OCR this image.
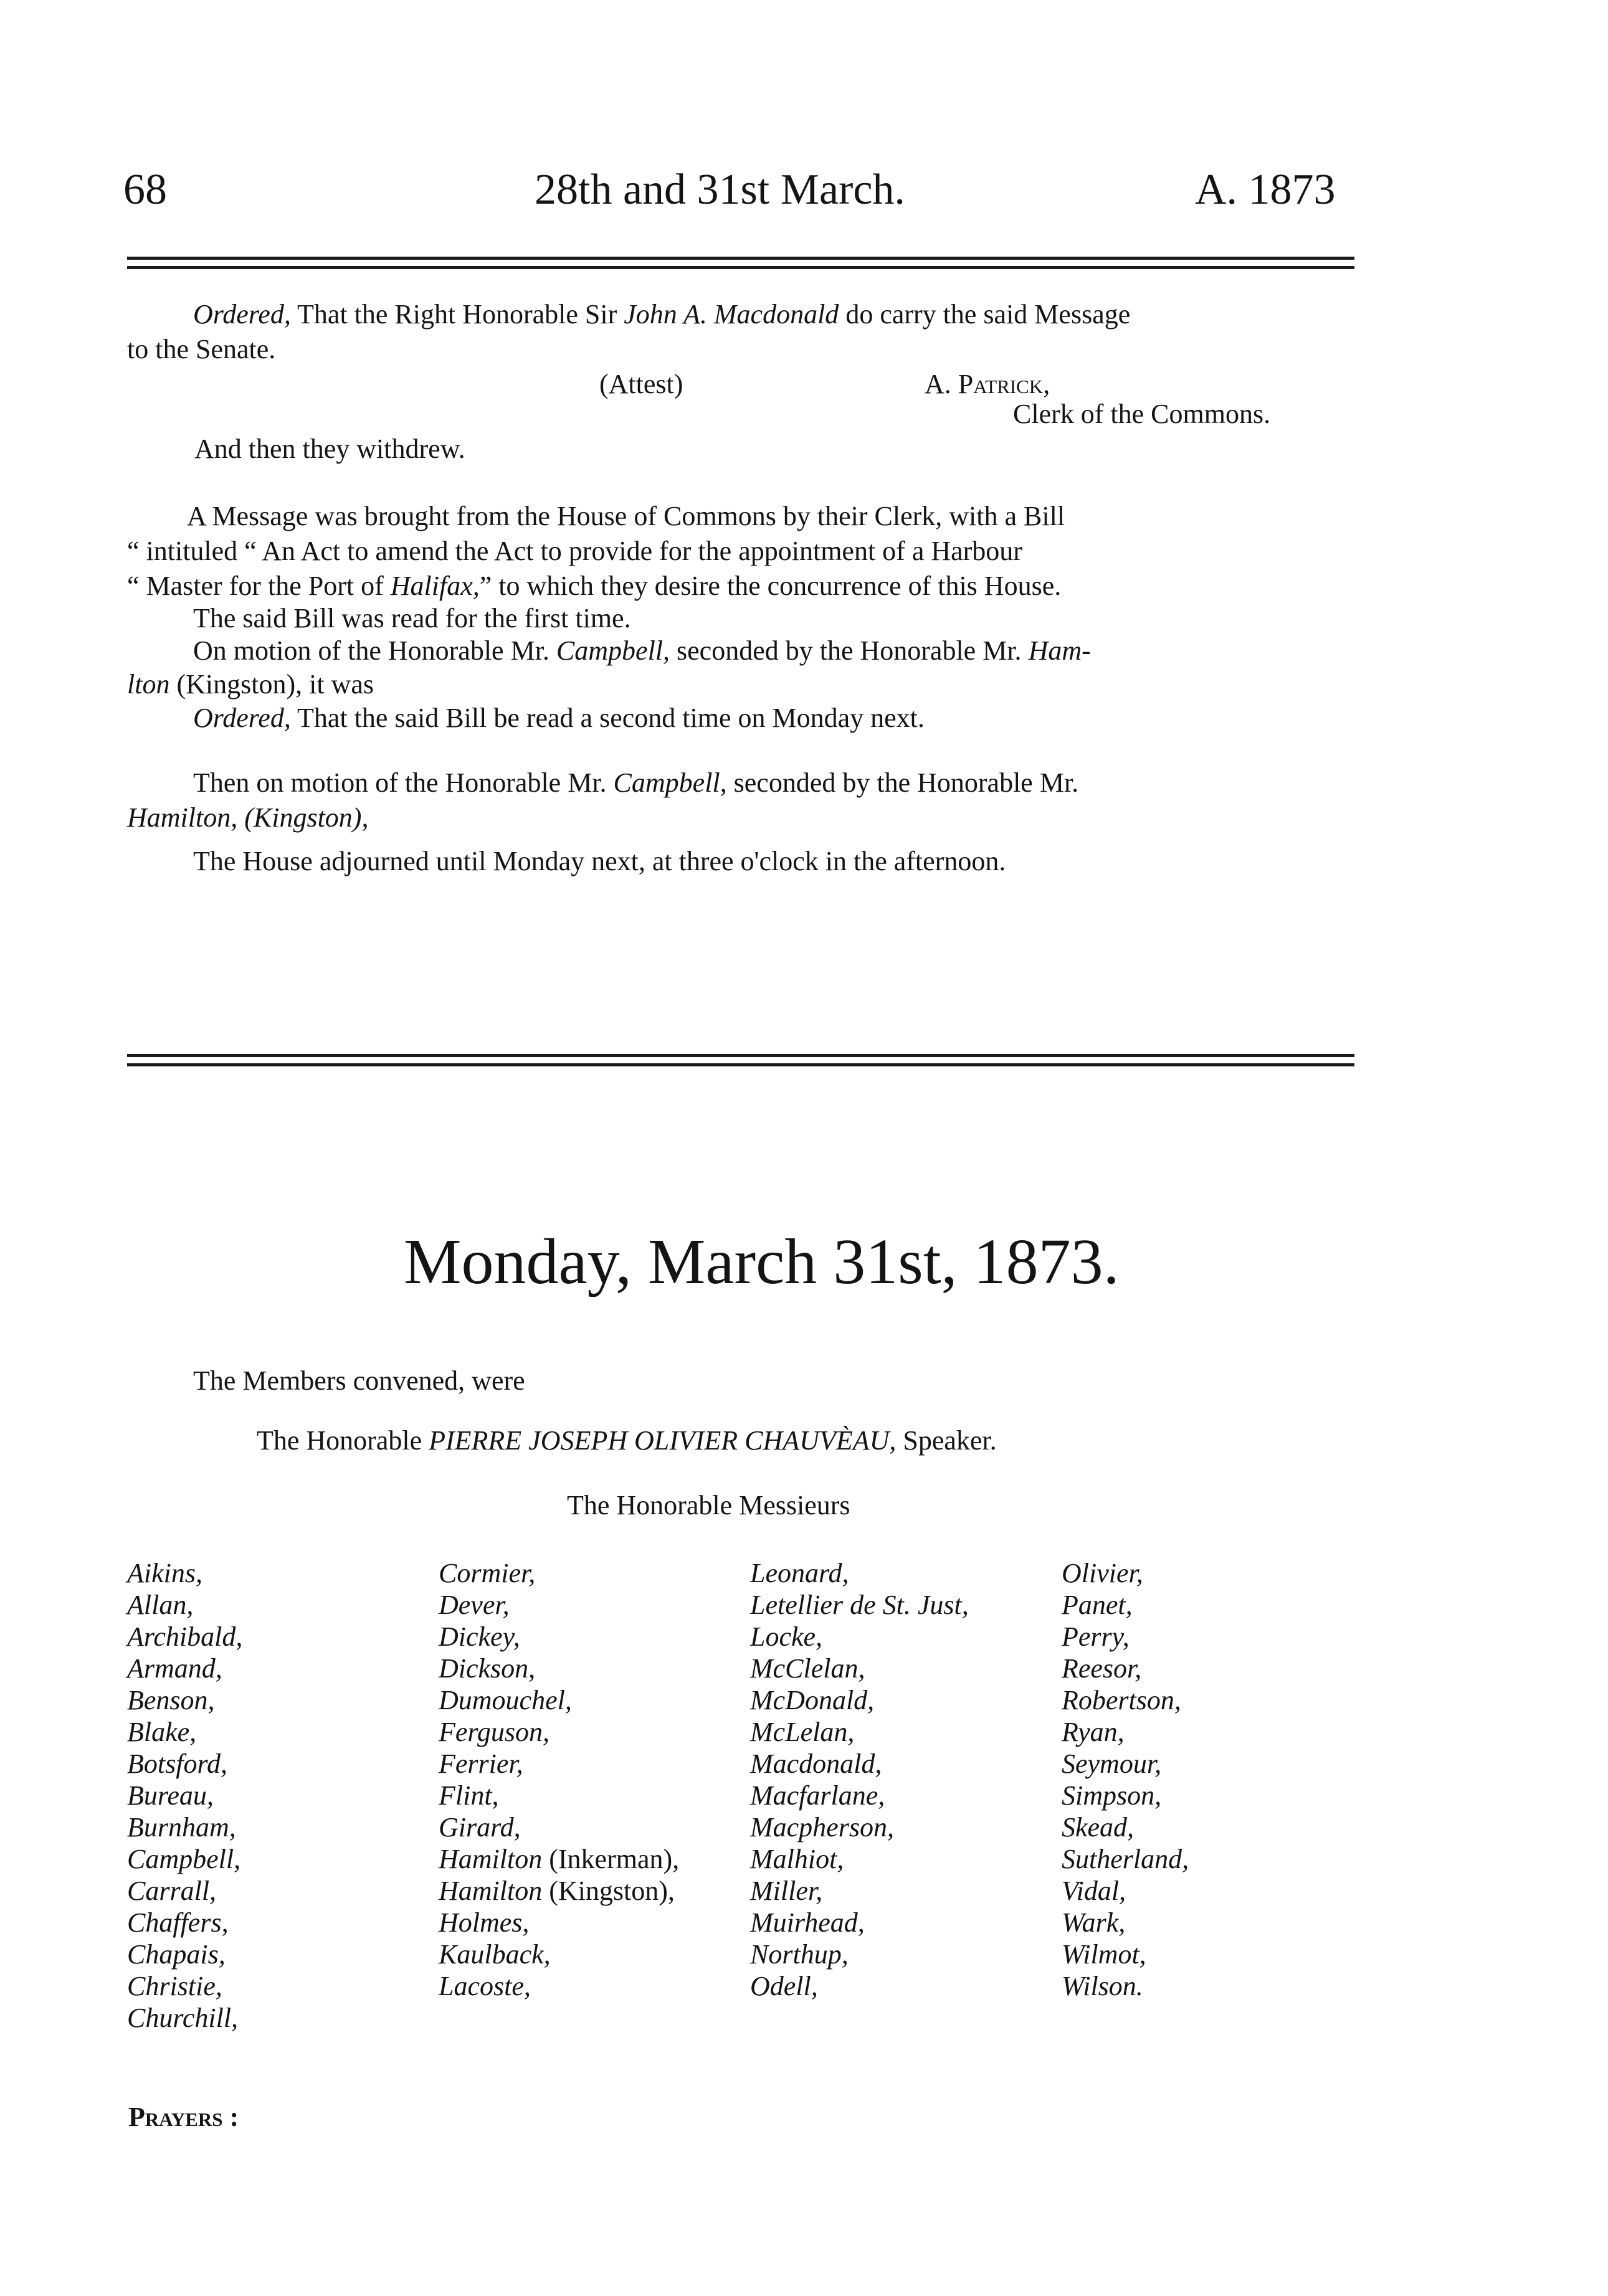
68	28th and 31st March.	A. 1873
Ordered, That the Right Honorable Sir John A. Macdonald do carry the said Message
to the Senate.
(Attest)	A. Patrick,
Clerk of the Commons.
And then they withdrew.
A Message was brought from the House of Commons by their Clerk, with a Bill
“ intituled “ An Act to amend the Act to provide for the appointment of a Harbour
“ Master for the Port of Halifax,” to which they desire the concurrence of this House.
The said Bill was read for the first time.
On motion of the Honorable Mr. Campbell, seconded by the Honorable Mr. Ham-
lton (Kingston), it was
Ordered, That the said Bill be read a second time on Monday next.
Then on motion of the Honorable Mr. Campbell, seconded by the Honorable Mr.
Hamilton, (Kingston),
The House adjourned until Monday next, at three o'clock in the afternoon.
Monday, March 31st, 1873.
The Members convened, were
The Honorable PIERRE JOSEPH OLIVIER CHAUVÈAU, Speaker.
The Honorable Messieurs
Aikins,
Allan,
Archibald,
Armand,
Benson,
Blake,
Botsford,
Bureau,
Burnham,
Campbell,
Carrall,
Chaffers,
Chapais,
Christie,
Churchill,
Cormier,
Dever,
Dickey,
Dickson,
Dumouchel,
Ferguson,
Ferrier,
Flint,
Girard,
Hamilton (Inkerman),
Hamilton (Kingston),
Holmes,
Kaulback,
Lacoste,
Leonard,
Letellier de St. Just,
Locke,
McClelan,
McDonald,
McLelan,
Macdonald,
Macfarlane,
Macpherson,
Malhiot,
Miller,
Muirhead,
Northup,
Odell,
Olivier,
Panet,
Perry,
Reesor,
Robertson,
Ryan,
Seymour,
Simpson,
Skead,
Sutherland,
Vidal,
Wark,
Wilmot,
Wilson.
Prayers :
